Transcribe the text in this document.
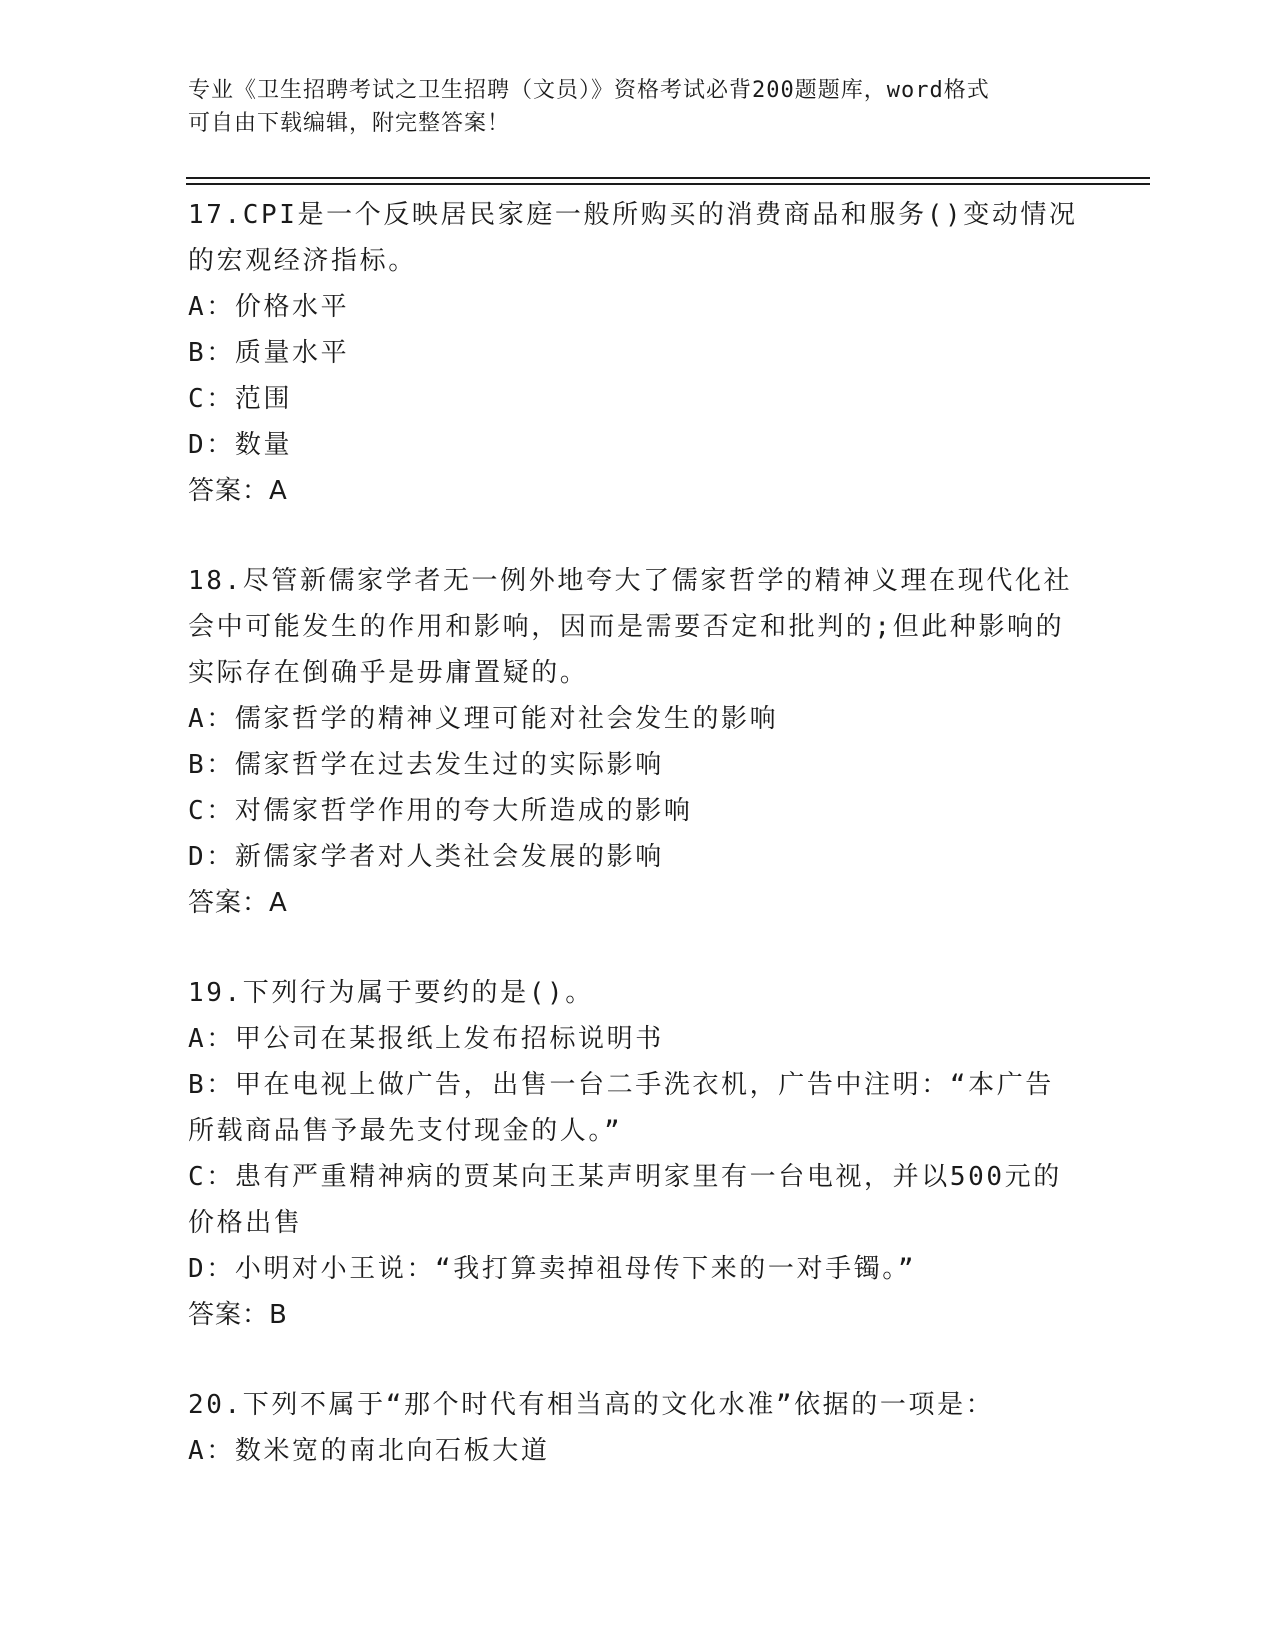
专业《卫生招聘考试之卫生招聘（文员）》资格考试必背200题题库，word格式
可自由下载编辑，附完整答案！
17.CPI是一个反映居民家庭一般所购买的消费商品和服务()变动情况
的宏观经济指标。
A：价格水平
B：质量水平
C：范围
D：数量
答案：A
18.尽管新儒家学者无一例外地夸大了儒家哲学的精神义理在现代化社
会中可能发生的作用和影响，因而是需要否定和批判的;但此种影响的
实际存在倒确乎是毋庸置疑的。
A：儒家哲学的精神义理可能对社会发生的影响
B：儒家哲学在过去发生过的实际影响
C：对儒家哲学作用的夸大所造成的影响
D：新儒家学者对人类社会发展的影响
答案：A
19.下列行为属于要约的是()。
A：甲公司在某报纸上发布招标说明书
B：甲在电视上做广告，出售一台二手洗衣机，广告中注明：“本广告
所载商品售予最先支付现金的人。”
C：患有严重精神病的贾某向王某声明家里有一台电视，并以500元的
价格出售
D：小明对小王说：“我打算卖掉祖母传下来的一对手镯。”
答案：B
20.下列不属于“那个时代有相当高的文化水准”依据的一项是：
A：数米宽的南北向石板大道
